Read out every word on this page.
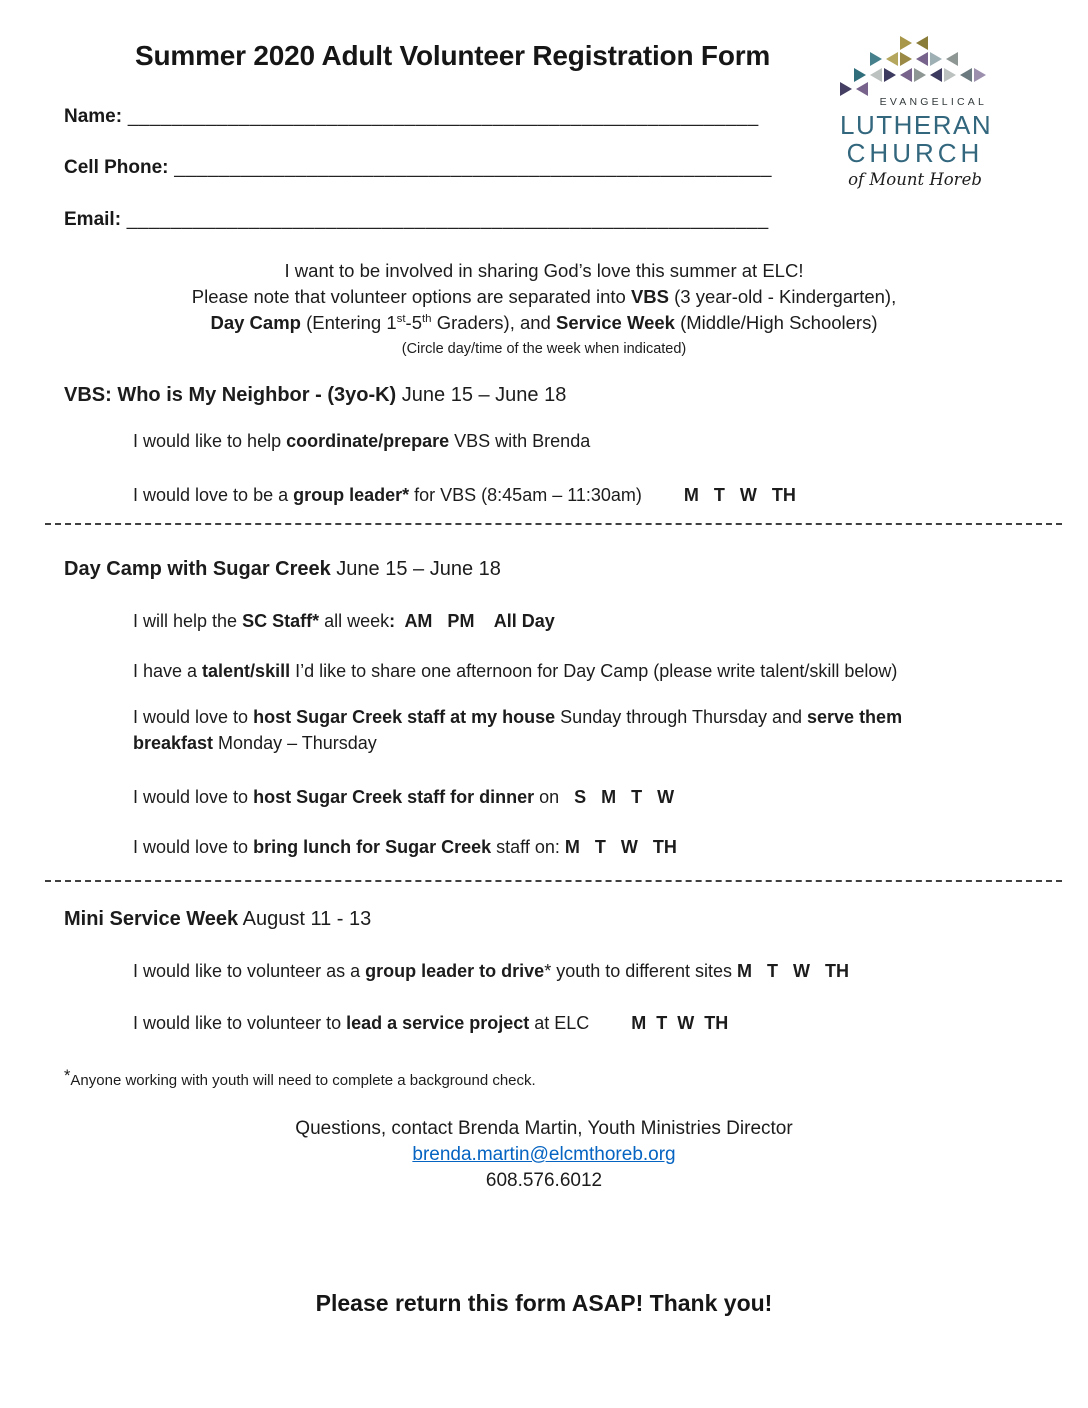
Summer 2020 Adult Volunteer Registration Form
EVANGELICAL
LUTHERAN
CHURCH
of Mount Horeb
Name: _________________________________________________________
Cell Phone: ______________________________________________________
Email: __________________________________________________________
I want to be involved in sharing God’s love this summer at ELC!
Please note that volunteer options are separated into VBS (3 year-old - Kindergarten),
Day Camp (Entering 1st-5th Graders), and Service Week (Middle/High Schoolers)
(Circle day/time of the week when indicated)
VBS: Who is My Neighbor - (3yo-K) June 15 – June 18
I would like to help coordinate/prepare VBS with Brenda
I would love to be a group leader* for VBS (8:45am – 11:30am) M   T   W   TH
Day Camp with Sugar Creek June 15 – June 18
I will help the SC Staff* all week:  AM   PM    All Day
I have a talent/skill I’d like to share one afternoon for Day Camp (please write talent/skill below)
I would love to host Sugar Creek staff at my house Sunday through Thursday and serve them breakfast Monday – Thursday
I would love to host Sugar Creek staff for dinner on S   M   T   W
I would love to bring lunch for Sugar Creek staff on: M   T   W   TH
Mini Service Week August 11 - 13
I would like to volunteer as a group leader to drive* youth to different sites M   T   W   TH
I would like to volunteer to lead a service project at ELC M  T  W  TH
*Anyone working with youth will need to complete a background check.
Questions, contact Brenda Martin, Youth Ministries Director
brenda.martin@elcmthoreb.org
608.576.6012
Please return this form ASAP! Thank you!
